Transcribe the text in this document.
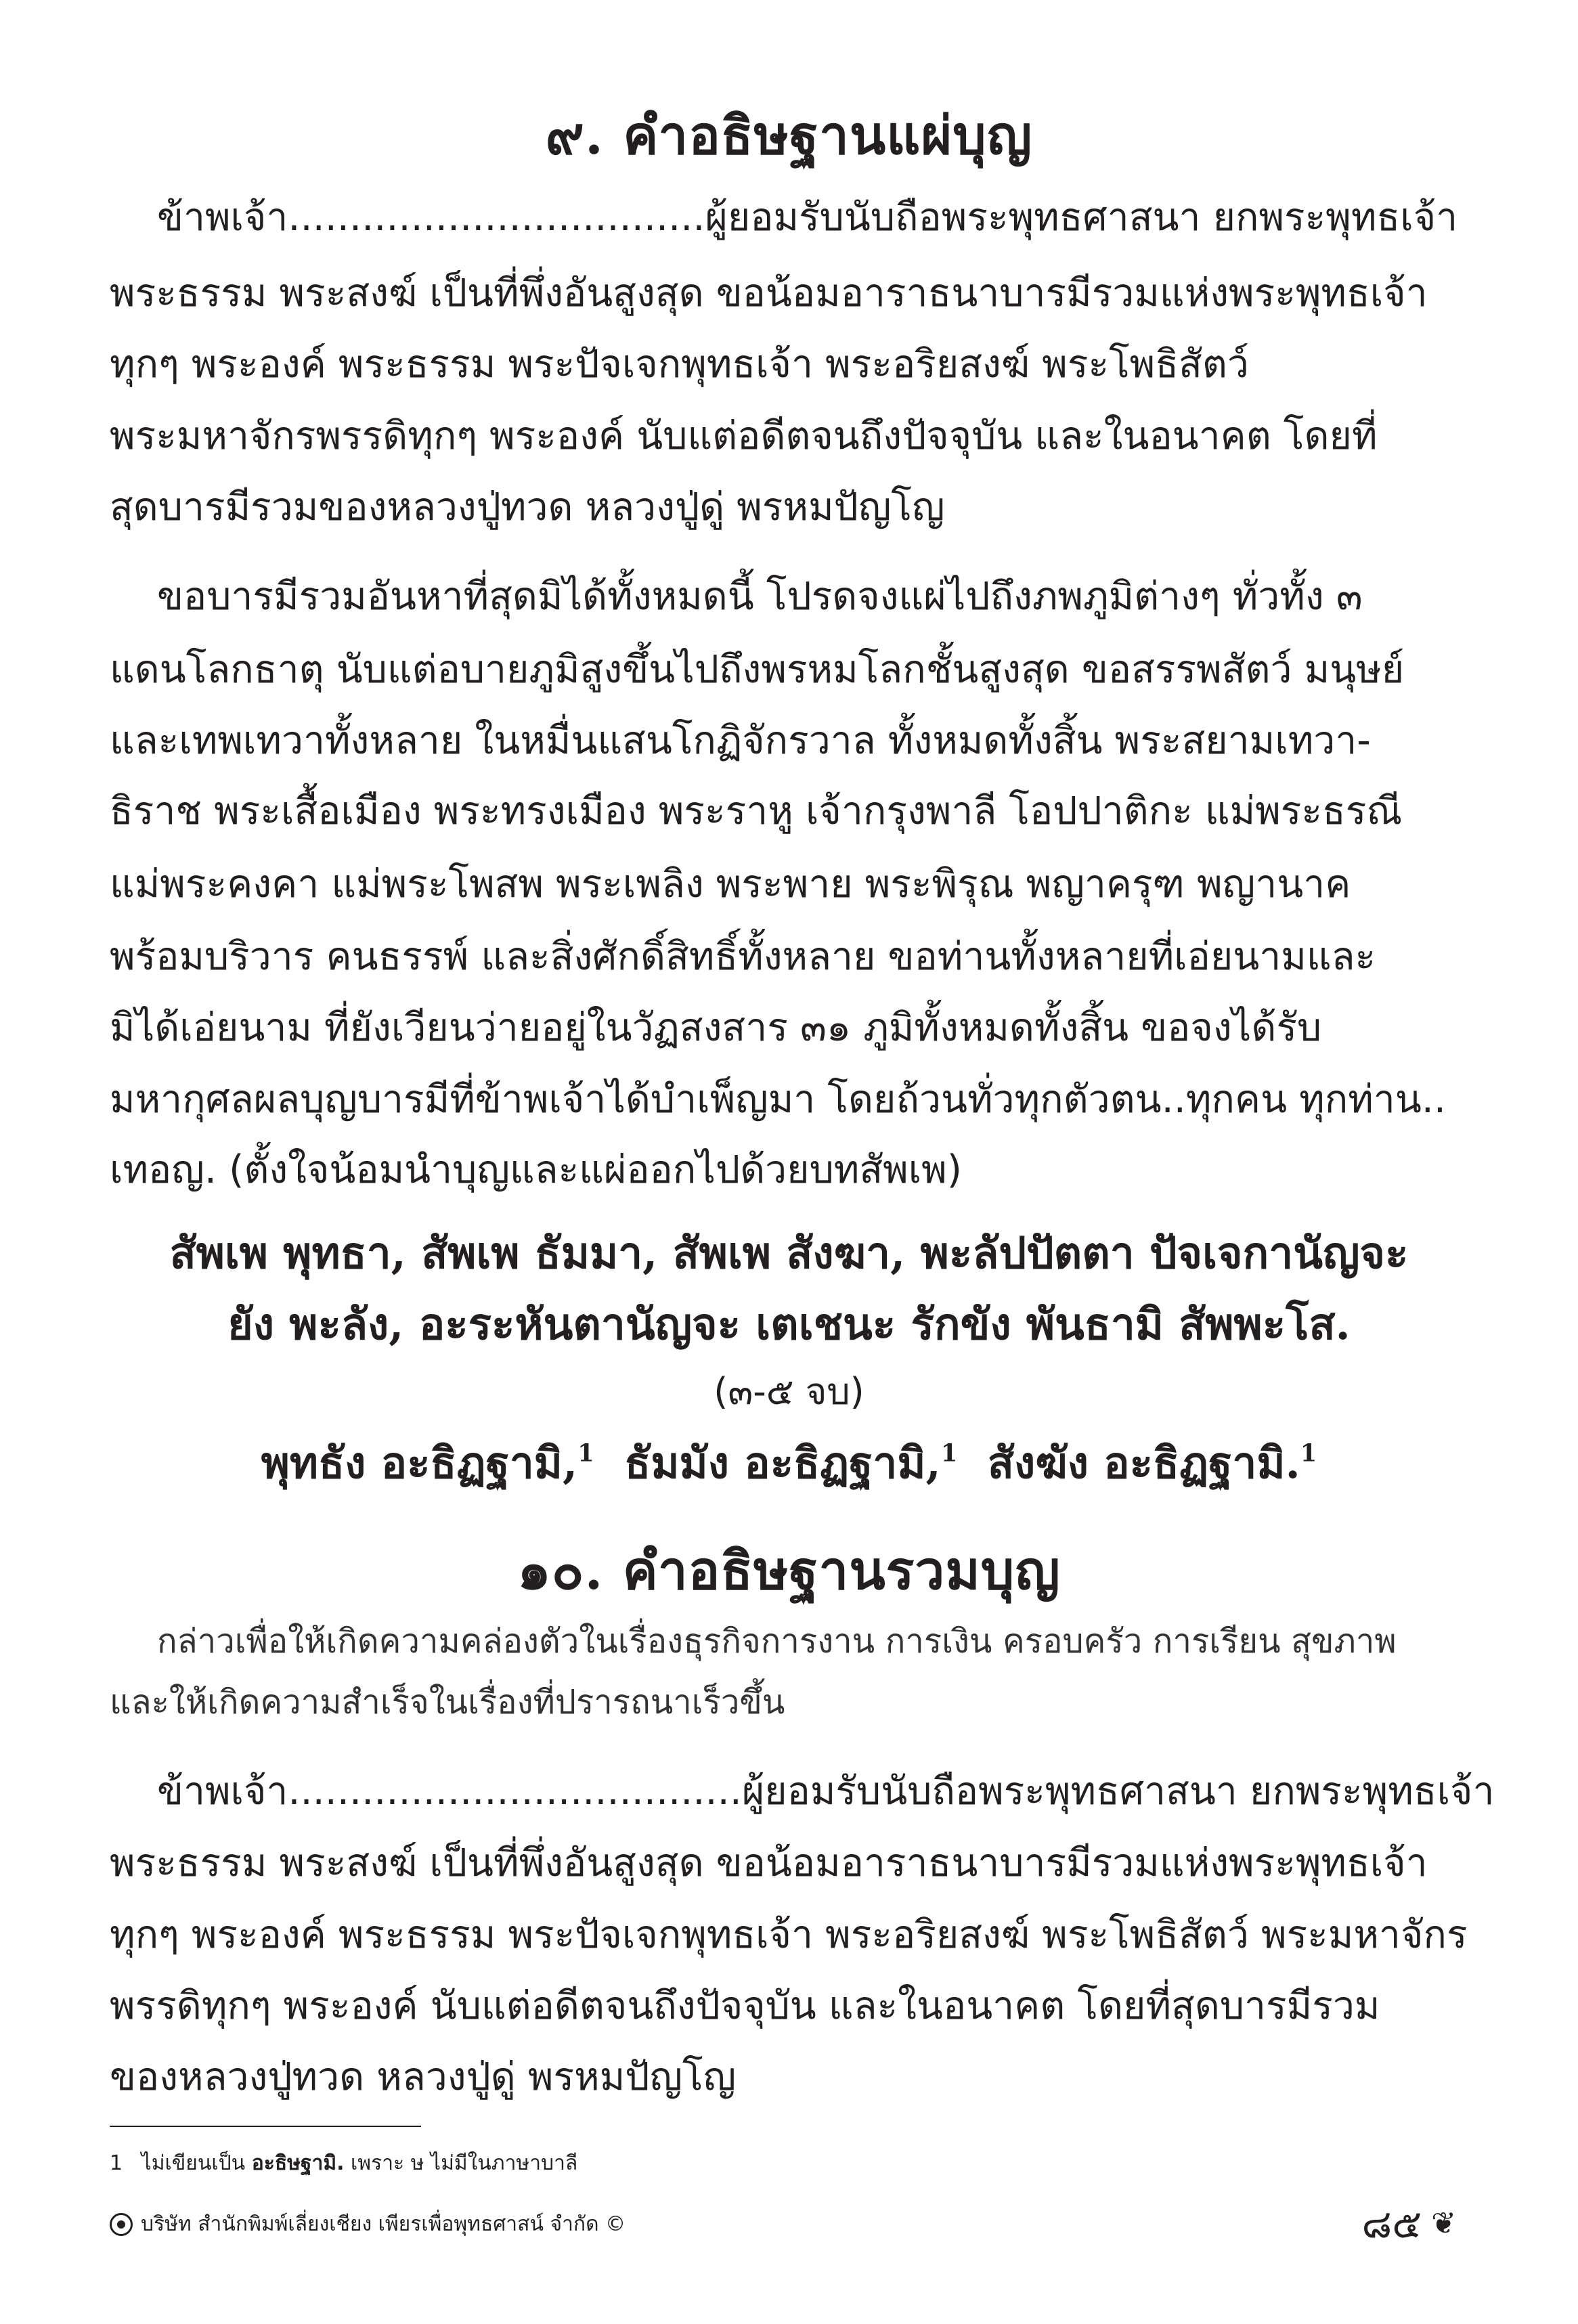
๙. คำอธิษฐานแผ่บุญ
ข้าพเจ้า..................................ผู้ยอมรับนับถือพระพุทธศาสนา ยกพระพุทธเจ้า
พระธรรม พระสงฆ์ เป็นที่พึ่งอันสูงสุด ขอน้อมอาราธนาบารมีรวมแห่งพระพุทธเจ้า
ทุกๆ พระองค์ พระธรรม พระปัจเจกพุทธเจ้า พระอริยสงฆ์ พระโพธิสัตว์
พระมหาจักรพรรดิทุกๆ พระองค์ นับแต่อดีตจนถึงปัจจุบัน และในอนาคต โดยที่
สุดบารมีรวมของหลวงปู่ทวด หลวงปู่ดู่ พรหมปัญโญ
ขอบารมีรวมอันหาที่สุดมิได้ทั้งหมดนี้ โปรดจงแผ่ไปถึงภพภูมิต่างๆ ทั่วทั้ง ๓
แดนโลกธาตุ นับแต่อบายภูมิสูงขึ้นไปถึงพรหมโลกชั้นสูงสุด ขอสรรพสัตว์ มนุษย์
และเทพเทวาทั้งหลาย ในหมื่นแสนโกฏิจักรวาล ทั้งหมดทั้งสิ้น พระสยามเทวา-
ธิราช พระเสื้อเมือง พระทรงเมือง พระราหู เจ้ากรุงพาลี โอปปาติกะ แม่พระธรณี
แม่พระคงคา แม่พระโพสพ พระเพลิง พระพาย พระพิรุณ พญาครุฑ พญานาค
พร้อมบริวาร คนธรรพ์ และสิ่งศักดิ์สิทธิ์ทั้งหลาย ขอท่านทั้งหลายที่เอ่ยนามและ
มิได้เอ่ยนาม ที่ยังเวียนว่ายอยู่ในวัฏสงสาร ๓๑ ภูมิทั้งหมดทั้งสิ้น ขอจงได้รับ
มหากุศลผลบุญบารมีที่ข้าพเจ้าได้บำเพ็ญมา โดยถ้วนทั่วทุกตัวตน..ทุกคน ทุกท่าน..
เทอญ. (ตั้งใจน้อมนำบุญและแผ่ออกไปด้วยบทสัพเพ)
สัพเพ พุทธา, สัพเพ ธัมมา, สัพเพ สังฆา, พะลัปปัตตา ปัจเจกานัญจะ
ยัง พะลัง, อะระหันตานัญจะ เตเชนะ รักขัง พันธามิ สัพพะโส.
(๓-๕ จบ)
พุทธัง อะธิฏฐามิ,$^1$ ธัมมัง อะธิฏฐามิ,$^1$ สังฆัง อะธิฏฐามิ.$^1$
๑๐. คำอธิษฐานรวมบุญ
กล่าวเพื่อให้เกิดความคล่องตัวในเรื่องธุรกิจการงาน การเงิน ครอบครัว การเรียน สุขภาพ
และให้เกิดความสำเร็จในเรื่องที่ปรารถนาเร็วขึ้น
ข้าพเจ้า.....................................ผู้ยอมรับนับถือพระพุทธศาสนา ยกพระพุทธเจ้า
พระธรรม พระสงฆ์ เป็นที่พึ่งอันสูงสุด ขอน้อมอาราธนาบารมีรวมแห่งพระพุทธเจ้า
ทุกๆ พระองค์ พระธรรม พระปัจเจกพุทธเจ้า พระอริยสงฆ์ พระโพธิสัตว์ พระมหาจักร
พรรดิทุกๆ พระองค์ นับแต่อดีตจนถึงปัจจุบัน และในอนาคต โดยที่สุดบารมีรวม
ของหลวงปู่ทวด หลวงปู่ดู่ พรหมปัญโญ
1 ไม่เขียนเป็น อะธิษฐามิ. เพราะ ษ ไม่มีในภาษาบาลี
บริษัท สำนักพิมพ์เลี่ยงเชียง เพียรเพื่อพุทธศาสน์ จำกัด ©	๘๕ ❦
